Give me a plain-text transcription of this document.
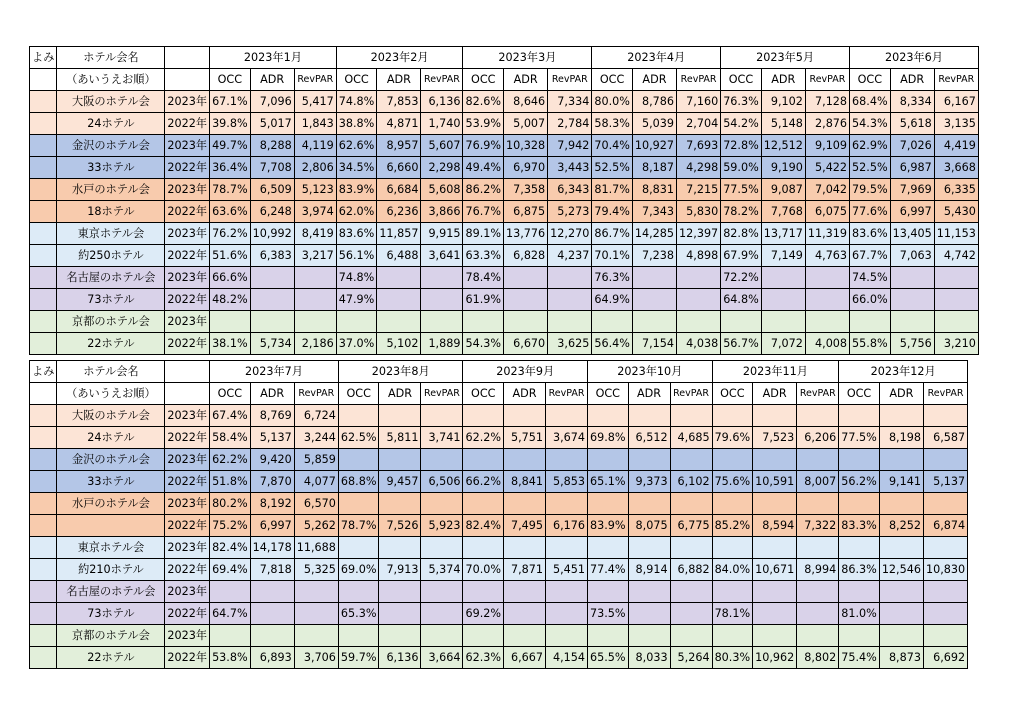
よみ	ホテル会名		2023年1月			2023年2月			2023年3月			2023年4月			2023年5月			2023年6月		
	（あいうえお順）		OCC	ADR	RevPAR	OCC	ADR	RevPAR	OCC	ADR	RevPAR	OCC	ADR	RevPAR	OCC	ADR	RevPAR	OCC	ADR	RevPAR
	大阪のホテル会	2023年	67.1%	7,096	5,417	74.8%	7,853	6,136	82.6%	8,646	7,334	80.0%	8,786	7,160	76.3%	9,102	7,128	68.4%	8,334	6,167
	24ホテル	2022年	39.8%	5,017	1,843	38.8%	4,871	1,740	53.9%	5,007	2,784	58.3%	5,039	2,704	54.2%	5,148	2,876	54.3%	5,618	3,135
	金沢のホテル会	2023年	49.7%	8,288	4,119	62.6%	8,957	5,607	76.9%	10,328	7,942	70.4%	10,927	7,693	72.8%	12,512	9,109	62.9%	7,026	4,419
	33ホテル	2022年	36.4%	7,708	2,806	34.5%	6,660	2,298	49.4%	6,970	3,443	52.5%	8,187	4,298	59.0%	9,190	5,422	52.5%	6,987	3,668
	水戸のホテル会	2023年	78.7%	6,509	5,123	83.9%	6,684	5,608	86.2%	7,358	6,343	81.7%	8,831	7,215	77.5%	9,087	7,042	79.5%	7,969	6,335
	18ホテル	2022年	63.6%	6,248	3,974	62.0%	6,236	3,866	76.7%	6,875	5,273	79.4%	7,343	5,830	78.2%	7,768	6,075	77.6%	6,997	5,430
	東京ホテル会	2023年	76.2%	10,992	8,419	83.6%	11,857	9,915	89.1%	13,776	12,270	86.7%	14,285	12,397	82.8%	13,717	11,319	83.6%	13,405	11,153
	約250ホテル	2022年	51.6%	6,383	3,217	56.1%	6,488	3,641	63.3%	6,828	4,237	70.1%	7,238	4,898	67.9%	7,149	4,763	67.7%	7,063	4,742
	名古屋のホテル会	2023年	66.6%			74.8%			78.4%			76.3%			72.2%			74.5%		
	73ホテル	2022年	48.2%			47.9%			61.9%			64.9%			64.8%			66.0%		
	京都のホテル会	2023年																		
	22ホテル	2022年	38.1%	5,734	2,186	37.0%	5,102	1,889	54.3%	6,670	3,625	56.4%	7,154	4,038	56.7%	7,072	4,008	55.8%	5,756	3,210
よみ	ホテル会名		2023年7月			2023年8月			2023年9月			2023年10月			2023年11月			2023年12月		
	（あいうえお順）		OCC	ADR	RevPAR	OCC	ADR	RevPAR	OCC	ADR	RevPAR	OCC	ADR	RevPAR	OCC	ADR	RevPAR	OCC	ADR	RevPAR
	大阪のホテル会	2023年	67.4%	8,769	6,724															
	24ホテル	2022年	58.4%	5,137	3,244	62.5%	5,811	3,741	62.2%	5,751	3,674	69.8%	6,512	4,685	79.6%	7,523	6,206	77.5%	8,198	6,587
	金沢のホテル会	2023年	62.2%	9,420	5,859															
	33ホテル	2022年	51.8%	7,870	4,077	68.8%	9,457	6,506	66.2%	8,841	5,853	65.1%	9,373	6,102	75.6%	10,591	8,007	56.2%	9,141	5,137
	水戸のホテル会	2023年	80.2%	8,192	6,570															
		2022年	75.2%	6,997	5,262	78.7%	7,526	5,923	82.4%	7,495	6,176	83.9%	8,075	6,775	85.2%	8,594	7,322	83.3%	8,252	6,874
	東京ホテル会	2023年	82.4%	14,178	11,688															
	約210ホテル	2022年	69.4%	7,818	5,325	69.0%	7,913	5,374	70.0%	7,871	5,451	77.4%	8,914	6,882	84.0%	10,671	8,994	86.3%	12,546	10,830
	名古屋のホテル会	2023年																		
	73ホテル	2022年	64.7%			65.3%			69.2%			73.5%			78.1%			81.0%		
	京都のホテル会	2023年																		
	22ホテル	2022年	53.8%	6,893	3,706	59.7%	6,136	3,664	62.3%	6,667	4,154	65.5%	8,033	5,264	80.3%	10,962	8,802	75.4%	8,873	6,692
